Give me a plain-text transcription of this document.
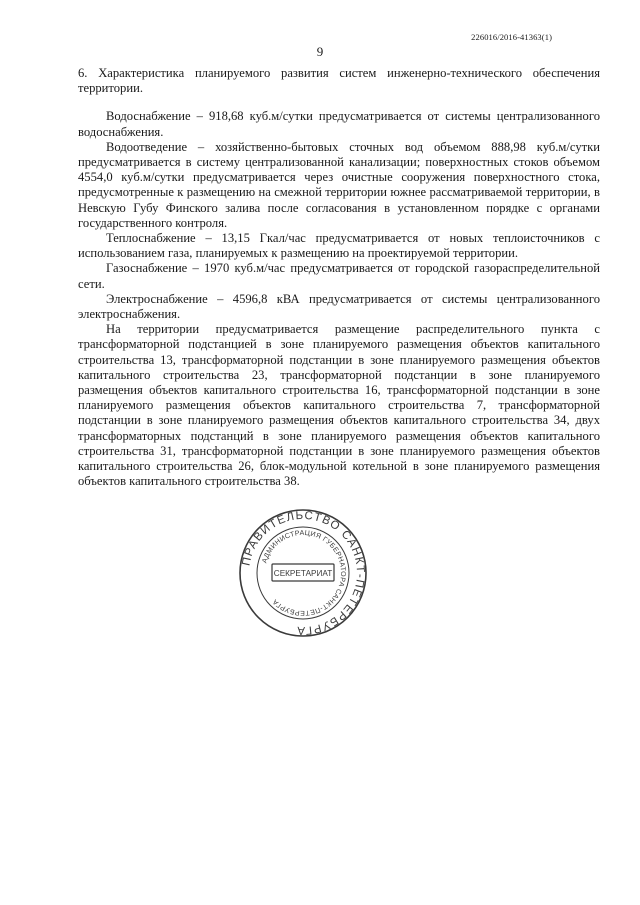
226016/2016-41363(1)
9

6. Характеристика планируемого развития систем инженерно-технического обеспечения территории.

Водоснабжение – 918,68 куб.м/сутки предусматривается от системы централизованного водоснабжения.

Водоотведение – хозяйственно-бытовых сточных вод объемом 888,98 куб.м/сутки предусматривается в систему централизованной канализации; поверхностных стоков объемом 4554,0 куб.м/сутки предусматривается через очистные сооружения поверхностного стока, предусмотренные к размещению на смежной территории южнее рассматриваемой территории, в Невскую Губу Финского залива после согласования в установленном порядке с органами государственного контроля.

Теплоснабжение – 13,15 Гкал/час предусматривается от новых теплоисточников с использованием газа, планируемых к размещению на проектируемой территории.

Газоснабжение – 1970 куб.м/час предусматривается от городской газораспределительной сети.

Электроснабжение – 4596,8 кВА предусматривается от системы централизованного электроснабжения.

На территории предусматривается размещение распределительного пункта с трансформаторной подстанцией в зоне планируемого размещения объектов капитального строительства 13, трансформаторной подстанции в зоне планируемого размещения объектов капитального строительства 23, трансформаторной подстанции в зоне планируемого размещения объектов капитального строительства 16, трансформаторной подстанции в зоне планируемого размещения объектов капитального строительства 7, трансформаторной подстанции в зоне планируемого размещения объектов капитального строительства 34, двух трансформаторных подстанций в зоне планируемого размещения объектов капитального строительства 31, трансформаторной подстанции в зоне планируемого размещения объектов капитального строительства 26, блок-модульной котельной в зоне планируемого размещения объектов капитального строительства 38.

ПРАВИТЕЛЬСТВО САНКТ-ПЕТЕРБУРГА
АДМИНИСТРАЦИЯ ГУБЕРНАТОРА САНКТ-ПЕТЕРБУРГА
СЕКРЕТАРИАТ
